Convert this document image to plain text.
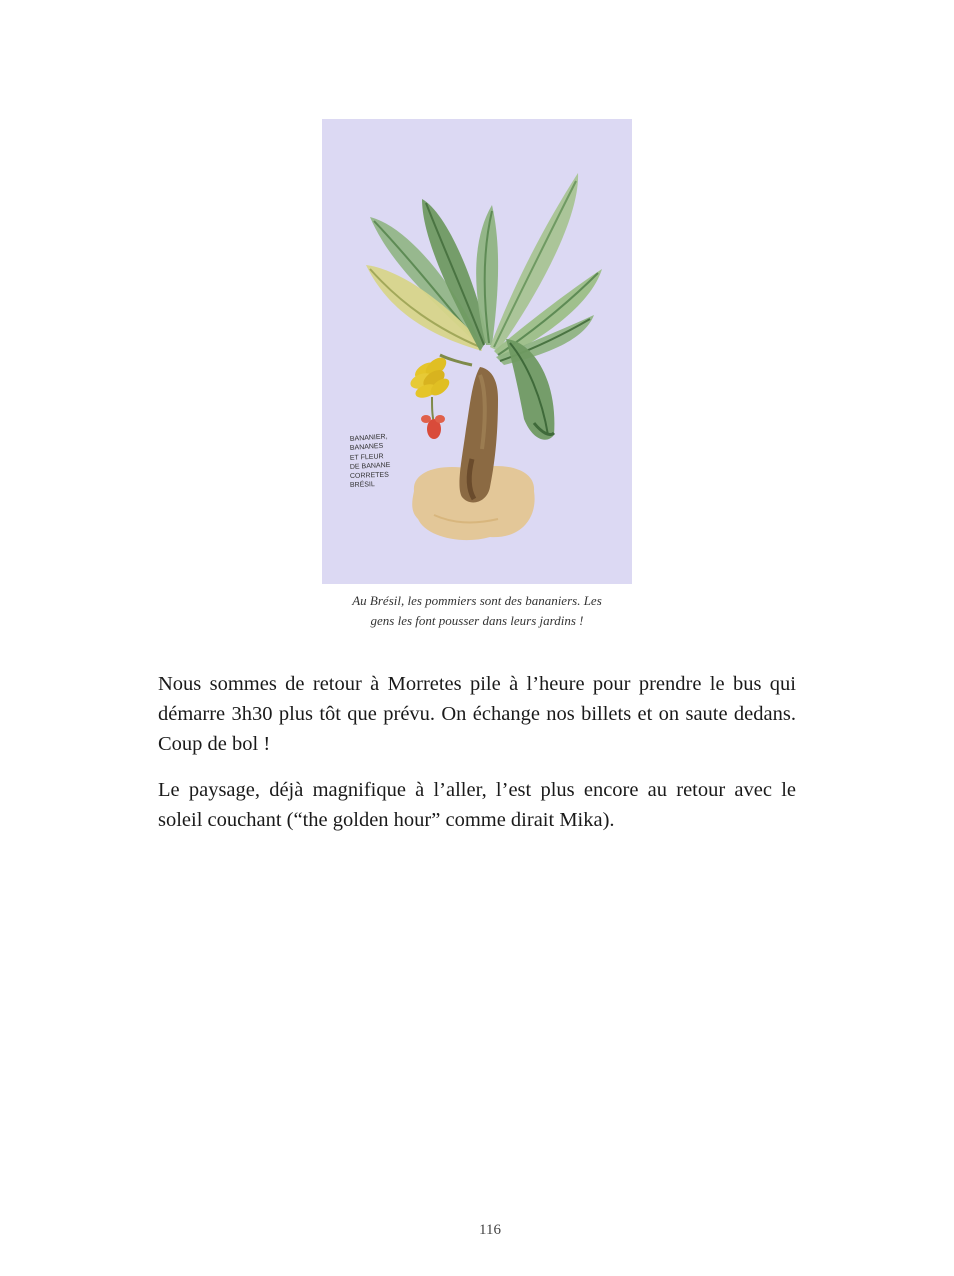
BANANIER,
BANANES
ET FLEUR
DE BANANE
CORRETES
BRÉSIL
Au Brésil, les pommiers sont des bananiers. Les
gens les font pousser dans leurs jardins !

Nous sommes de retour à Morretes pile à l’heure pour prendre le bus qui démarre 3h30 plus tôt que prévu. On échange nos billets et on saute dedans. Coup de bol !

Le paysage, déjà magnifique à l’aller, l’est plus encore au retour avec le soleil couchant (“the golden hour” comme dirait Mika).

116
